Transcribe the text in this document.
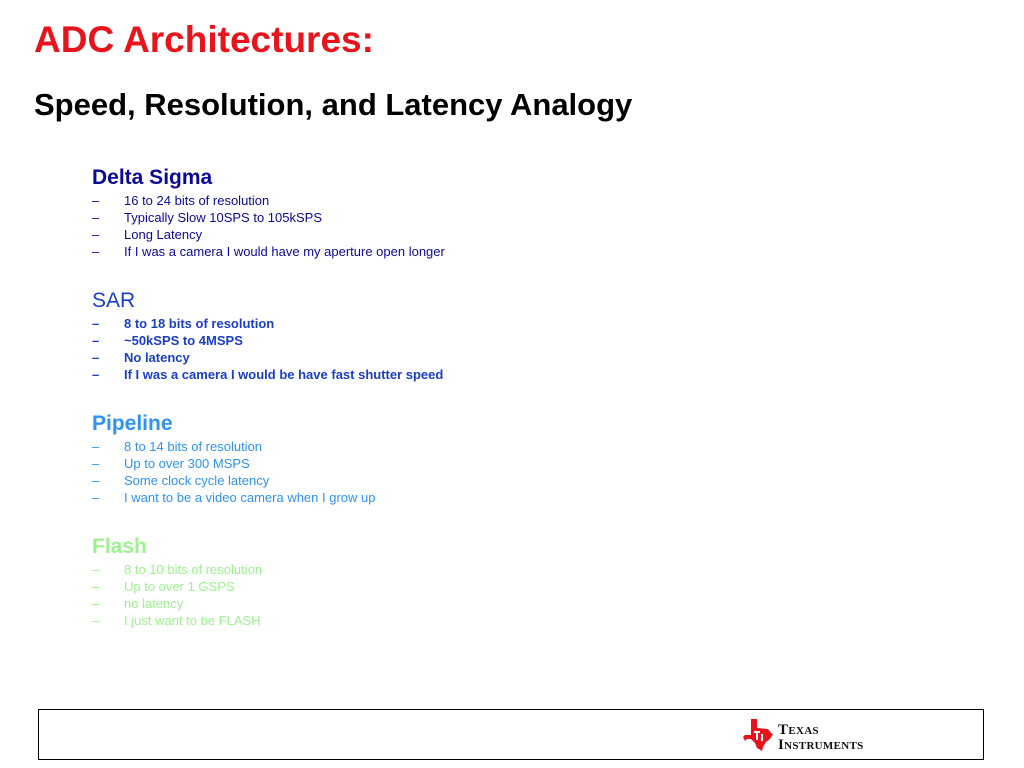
ADC Architectures:
Speed, Resolution, and Latency Analogy
Delta Sigma
– 16 to 24 bits of resolution
– Typically Slow 10SPS to 105kSPS
– Long Latency
– If I was a camera I would have my aperture open longer
SAR
– 8 to 18 bits of resolution
– ~50kSPS to 4MSPS
– No latency
– If I was a camera I would be have fast shutter speed
Pipeline
– 8 to 14 bits of resolution
– Up to over 300 MSPS
– Some clock cycle latency
– I want to be a video camera when I grow up
Flash
– 8 to 10 bits of resolution
– Up to over 1 GSPS
– no latency
– I just want to be FLASH
TEXAS
INSTRUMENTS
